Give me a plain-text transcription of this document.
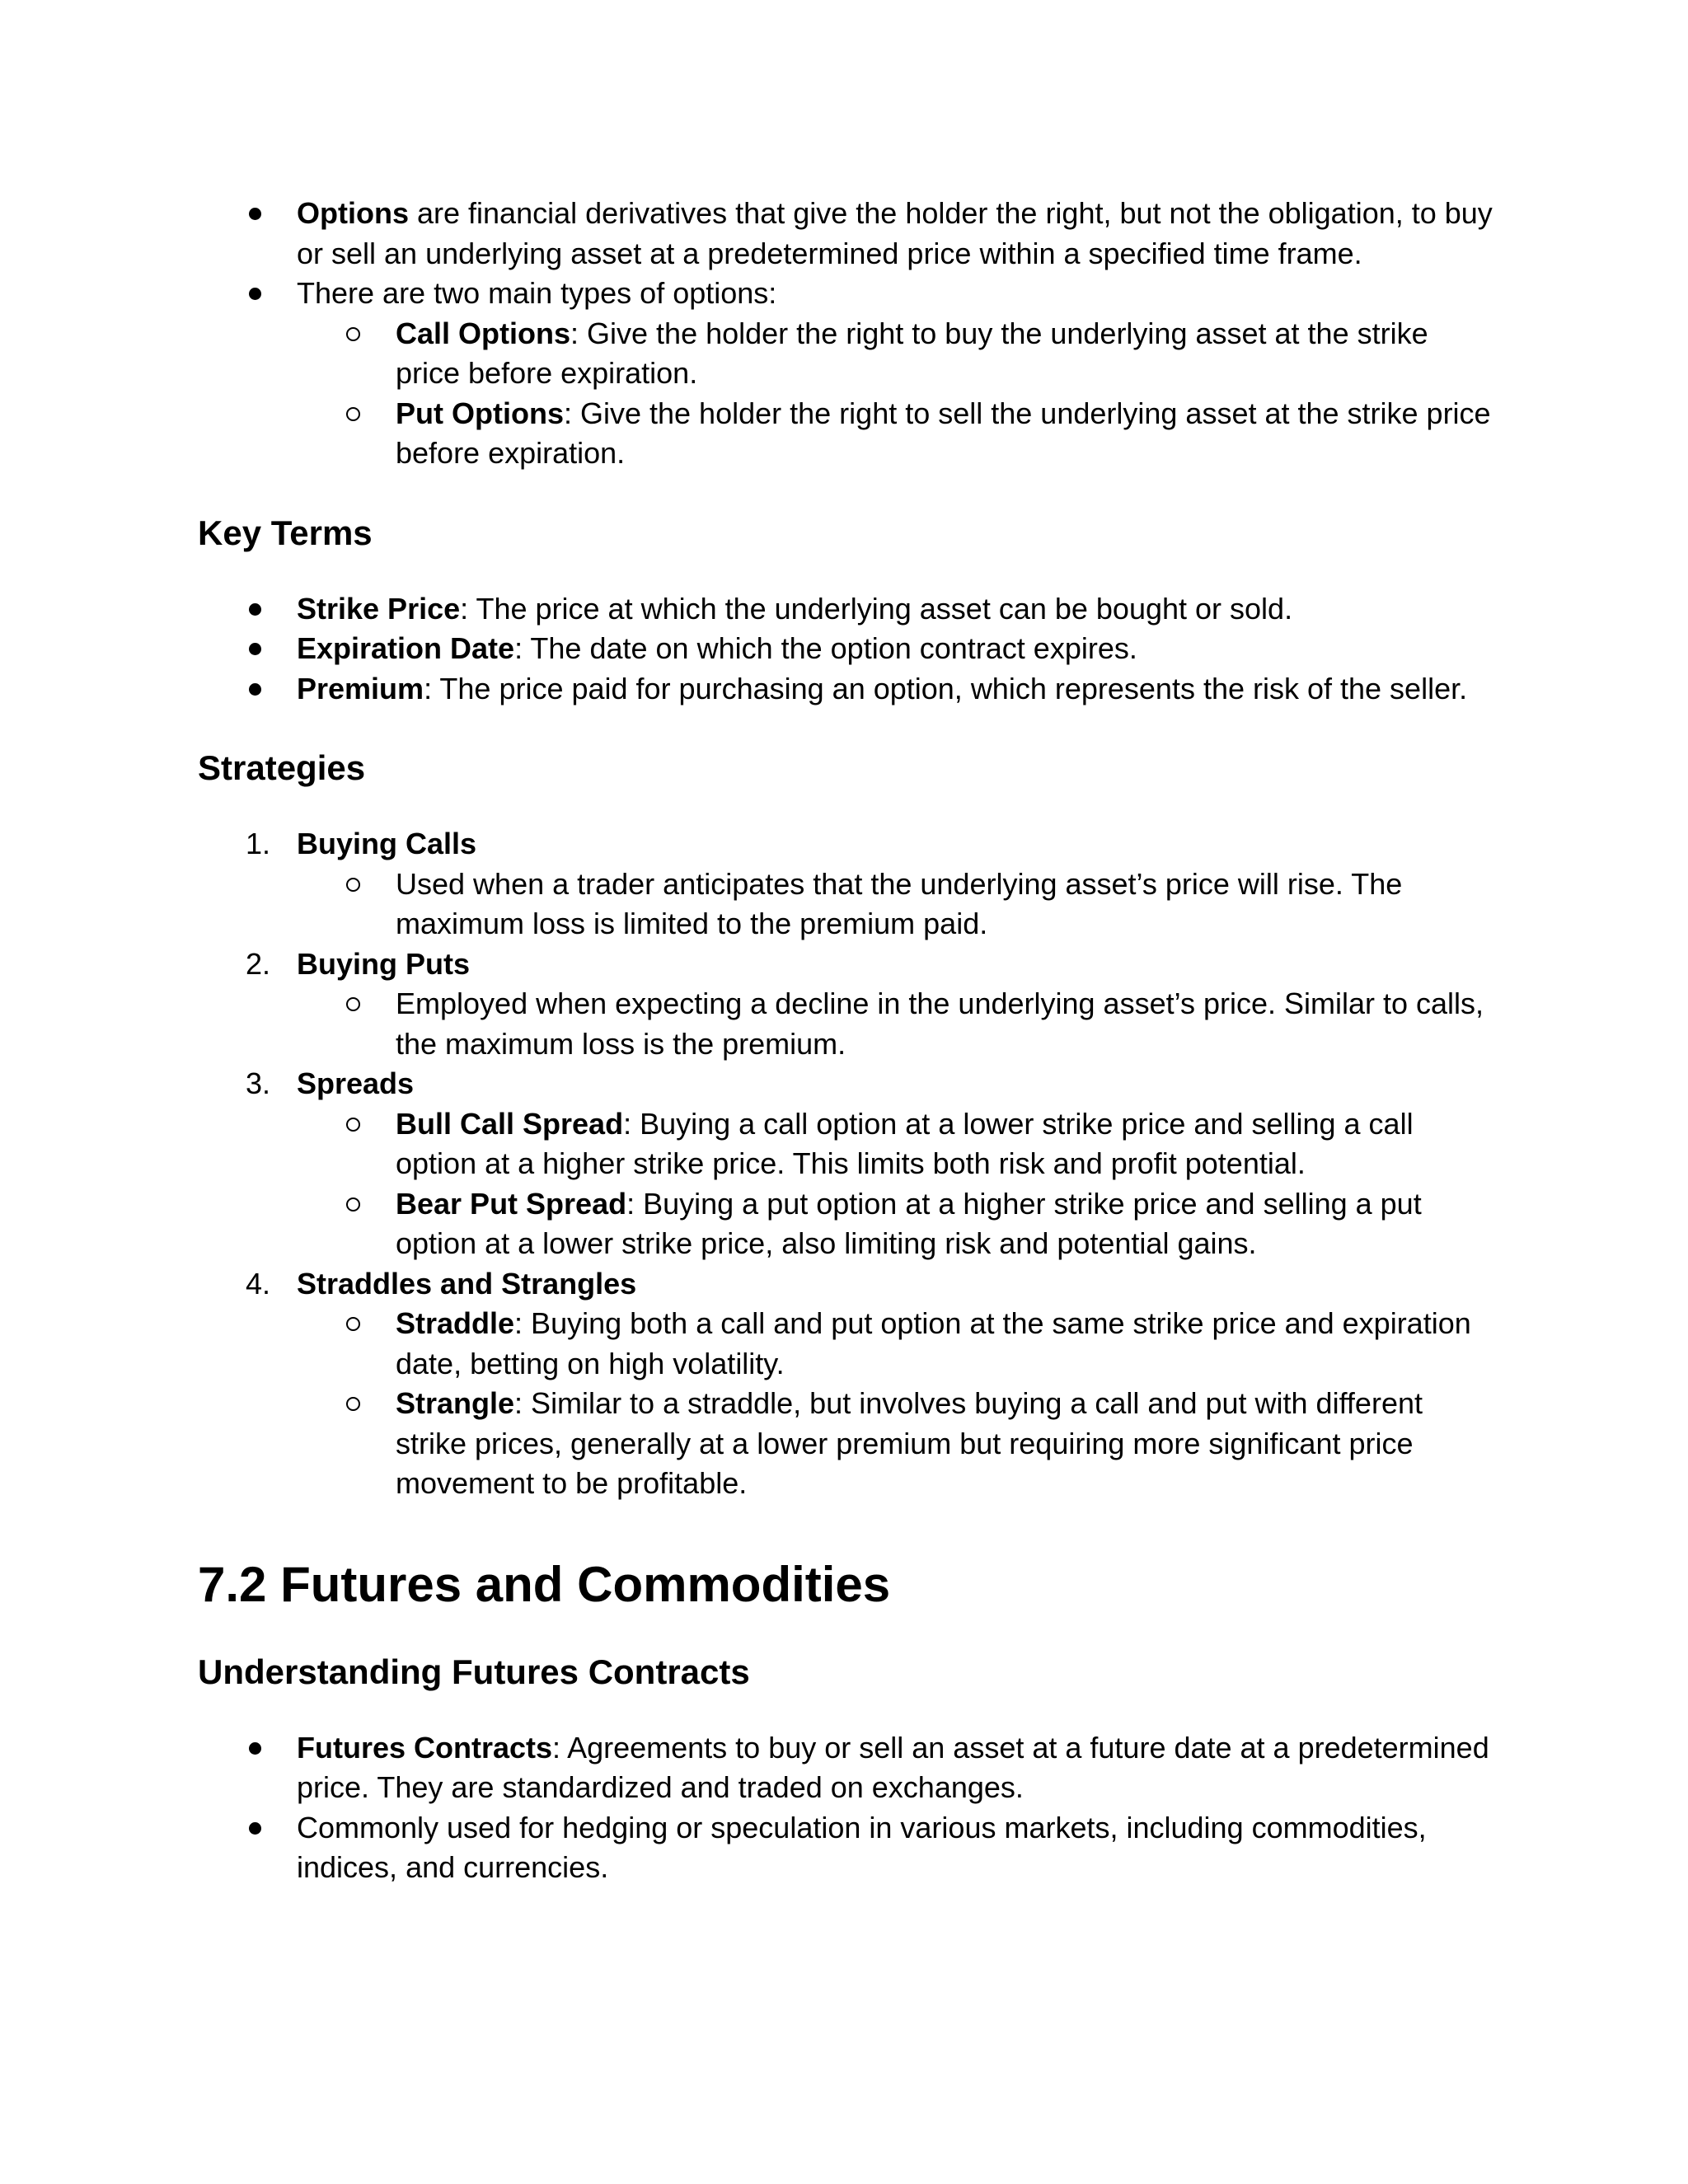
Options are financial derivatives that give the holder the right, but not the obligation, to buy or sell an underlying asset at a predetermined price within a specified time frame.
There are two main types of options:
Call Options: Give the holder the right to buy the underlying asset at the strike price before expiration.
Put Options: Give the holder the right to sell the underlying asset at the strike price before expiration.
Key Terms
Strike Price: The price at which the underlying asset can be bought or sold.
Expiration Date: The date on which the option contract expires.
Premium: The price paid for purchasing an option, which represents the risk of the seller.
Strategies
1. Buying Calls
Used when a trader anticipates that the underlying asset’s price will rise. The maximum loss is limited to the premium paid.
2. Buying Puts
Employed when expecting a decline in the underlying asset’s price. Similar to calls, the maximum loss is the premium.
3. Spreads
Bull Call Spread: Buying a call option at a lower strike price and selling a call option at a higher strike price. This limits both risk and profit potential.
Bear Put Spread: Buying a put option at a higher strike price and selling a put option at a lower strike price, also limiting risk and potential gains.
4. Straddles and Strangles
Straddle: Buying both a call and put option at the same strike price and expiration date, betting on high volatility.
Strangle: Similar to a straddle, but involves buying a call and put with different strike prices, generally at a lower premium but requiring more significant price movement to be profitable.
7.2 Futures and Commodities
Understanding Futures Contracts
Futures Contracts: Agreements to buy or sell an asset at a future date at a predetermined price. They are standardized and traded on exchanges.
Commonly used for hedging or speculation in various markets, including commodities, indices, and currencies.
